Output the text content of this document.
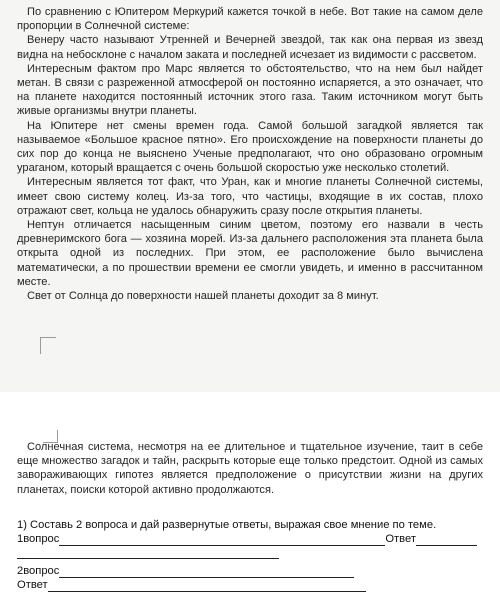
По сравнению с Юпитером Меркурий кажется точкой в небе. Вот такие на самом деле пропорции в Солнечной системе:

Венеру часто называют Утренней и Вечерней звездой, так как она первая из звезд видна на небосклоне с началом заката и последней исчезает из видимости с рассветом.

Интересным фактом про Марс является то обстоятельство, что на нем был найдет метан. В связи с разреженной атмосферой он постоянно испаряется, а это означает, что на планете находится постоянный источник этого газа. Таким источником могут быть живые организмы внутри планеты.

На Юпитере нет смены времен года. Самой большой загадкой является так называемое «Большое красное пятно». Его происхождение на поверхности планеты до сих пор до конца не выяснено Ученые предполагают, что оно образовано огромным ураганом, который вращается с очень большой скоростью уже несколько столетий.

Интересным является тот факт, что Уран, как и многие планеты Солнечной системы, имеет свою систему колец. Из-за того, что частицы, входящие в их состав, плохо отражают свет, кольца не удалось обнаружить сразу после открытия планеты.

Нептун отличается насыщенным синим цветом, поэтому его назвали в честь древнеримского бога — хозяина морей. Из-за дальнего расположения эта планета была открыта одной из последних. При этом, ее расположение было вычислена математически, а по прошествии времени ее смогли увидеть, и именно в рассчитанном месте.

Свет от Солнца до поверхности нашей планеты доходит за 8 минут.

Солнечная система, несмотря на ее длительное и тщательное изучение, таит в себе еще множество загадок и тайн, раскрыть которые еще только предстоит. Одной из самых завораживающих гипотез является предположение о присутствии жизни на других планетах, поиски которой активно продолжаются.

1) Составь 2 вопроса и дай развернутые ответы, выражая свое мнение по теме.
1вопрос	Ответ
2вопрос
Ответ
